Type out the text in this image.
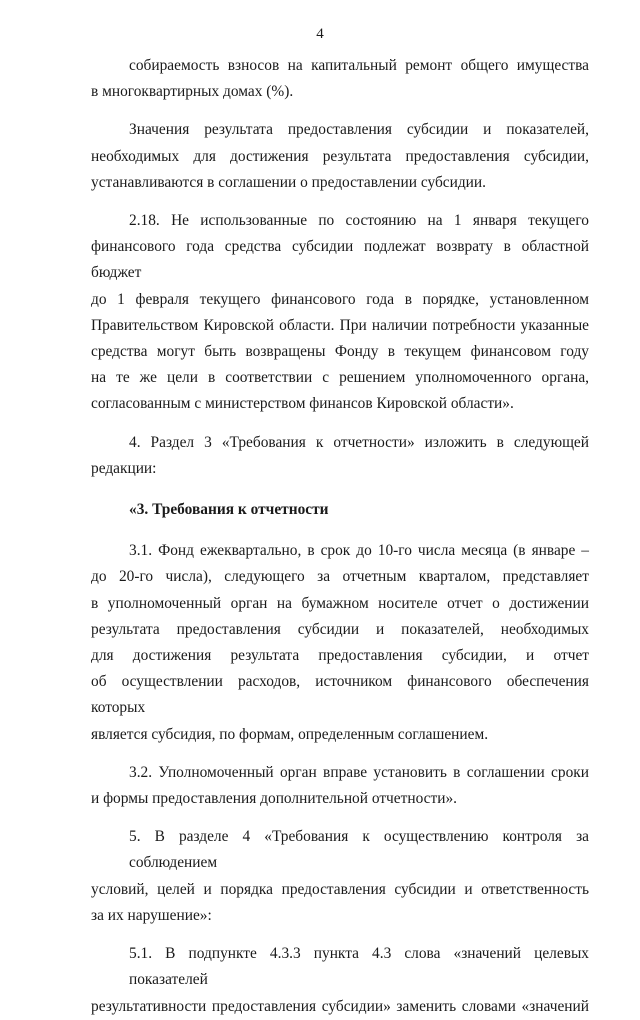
4

собираемость взносов на капитальный ремонт общего имущества

в многоквартирных домах (%).

Значения результата предоставления субсидии и показателей,

необходимых для достижения результата предоставления субсидии,

устанавливаются в соглашении о предоставлении субсидии.

2.18. Не использованные по состоянию на 1 января текущего

финансового года средства субсидии подлежат возврату в областной бюджет

до 1 февраля текущего финансового года в порядке, установленном

Правительством Кировской области. При наличии потребности указанные

средства могут быть возвращены Фонду в текущем финансовом году

на те же цели в соответствии с решением уполномоченного органа,

согласованным с министерством финансов Кировской области».

4. Раздел 3 «Требования к отчетности» изложить в следующей

редакции:

«3. Требования к отчетности

3.1. Фонд ежеквартально, в срок до 10-го числа месяца (в январе –

до 20-го числа), следующего за отчетным кварталом, представляет

в уполномоченный орган на бумажном носителе отчет о достижении

результата предоставления субсидии и показателей, необходимых

для достижения результата предоставления субсидии, и отчет

об осуществлении расходов, источником финансового обеспечения которых

является субсидия, по формам, определенным соглашением.

3.2. Уполномоченный орган вправе установить в соглашении сроки

и формы предоставления дополнительной отчетности».

5. В разделе 4 «Требования к осуществлению контроля за соблюдением

условий, целей и порядка предоставления субсидии и ответственность

за их нарушение»:

5.1. В подпункте 4.3.3 пункта 4.3 слова «значений целевых показателей

результативности предоставления субсидии» заменить словами «значений
